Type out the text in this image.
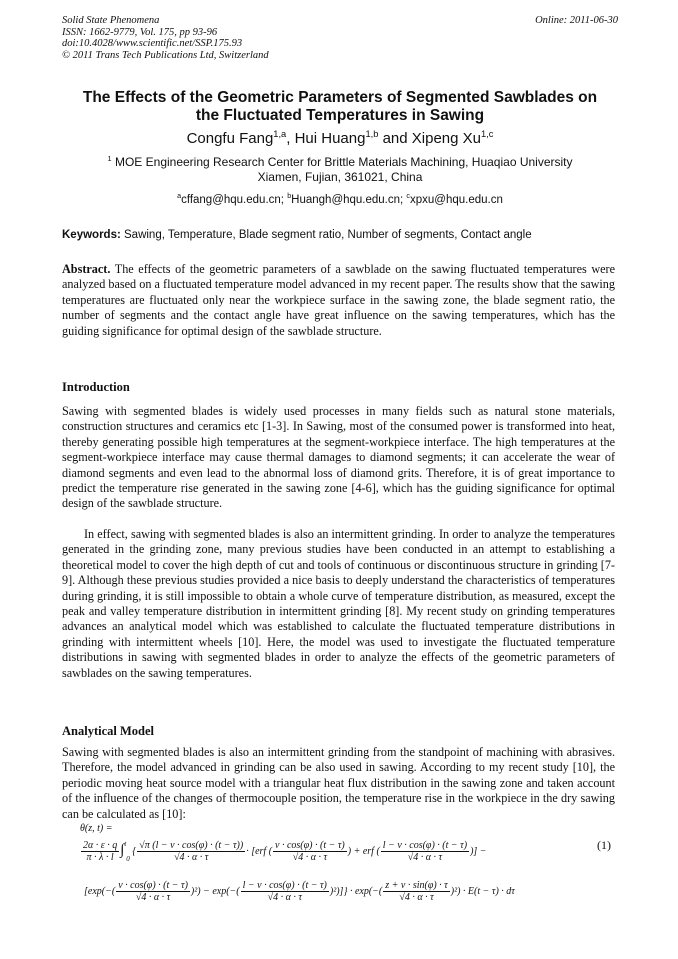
Solid State Phenomena
ISSN: 1662-9779, Vol. 175, pp 93-96
doi:10.4028/www.scientific.net/SSP.175.93
© 2011 Trans Tech Publications Ltd, Switzerland
Online: 2011-06-30
The Effects of the Geometric Parameters of Segmented Sawblades on
the Fluctuated Temperatures in Sawing
Congfu Fang$^{1,a}$, Hui Huang$^{1,b}$ and Xipeng Xu$^{1,c}$
$^1$ MOE Engineering Research Center for Brittle Materials Machining, Huaqiao University
Xiamen, Fujian, 361021, China
$^a$cffang@hqu.edu.cn; $^b$Huangh@hqu.edu.cn; $^c$xpxu@hqu.edu.cn
Keywords: Sawing, Temperature, Blade segment ratio, Number of segments, Contact angle
Abstract. The effects of the geometric parameters of a sawblade on the sawing fluctuated temperatures were analyzed based on a fluctuated temperature model advanced in my recent paper. The results show that the sawing temperatures are fluctuated only near the workpiece surface in the sawing zone, the blade segment ratio, the number of segments and the contact angle have great influence on the sawing temperatures, which has the guiding significance for optimal design of the sawblade structure.
Introduction
Sawing with segmented blades is widely used processes in many fields such as natural stone materials, construction structures and ceramics etc [1-3]. In Sawing, most of the consumed power is transformed into heat, thereby generating possible high temperatures at the segment-workpiece interface. The high temperatures at the segment-workpiece interface may cause thermal damages to diamond segments; it can accelerate the wear of diamond segments and even lead to the abnormal loss of diamond grits. Therefore, it is of great importance to predict the temperature rise generated in the sawing zone [4-6], which has the guiding significance for optimal design of the sawblade structure.
In effect, sawing with segmented blades is also an intermittent grinding. In order to analyze the temperatures generated in the grinding zone, many previous studies have been conducted in an attempt to establishing a theoretical model to cover the high depth of cut and tools of continuous or discontinuous structure in grinding [7-9]. Although these previous studies provided a nice basis to deeply understand the characteristics of temperatures during grinding, it is still impossible to obtain a whole curve of temperature distribution, as measured, except the peak and valley temperature distribution in intermittent grinding [8]. My recent study on grinding temperatures advances an analytical model which was established to calculate the fluctuated temperature distributions in grinding with intermittent wheels [10]. Here, the model was used to investigate the fluctuated temperature distributions in sawing with segmented blades in order to analyze the effects of the geometric parameters of sawblades on the sawing temperatures.
Analytical Model
Sawing with segmented blades is also an intermittent grinding from the standpoint of machining with abrasives. Therefore, the model advanced in grinding can be also used in sawing. According to my recent study [10], the periodic moving heat source model with a triangular heat flux distribution in the sawing zone and taken account of the influence of the changes of thermocouple position, the temperature rise in the workpiece in the dry sawing can be calculated as [10]:
θ(z, t) =
(1)
$\frac{2\alpha \cdot \varepsilon \cdot q}{\pi \cdot \lambda \cdot l} \int^t0$ { $\frac{√\pi (l - v \cdot \cos(\varphi) \cdot (t - \tau))}{√4 \cdot \alpha \cdot \tau} \cdot [erf$ ( $\frac{v \cdot \cos(\varphi) \cdot (t - \tau)}{√4 \cdot \alpha \cdot \tau}$ ) + erf ( $\frac{l - v \cdot \cos(\varphi) \cdot (t - \tau)}{√4 \cdot \alpha \cdot \tau}$ )] −
$[\exp(-( \frac{v \cdot \cos(\varphi) \cdot (t - \tau)}{√4 \cdot \alpha \cdot \tau} )^2) - \exp(-( \frac{l - v \cdot \cos(\varphi) \cdot (t - \tau)}{√4 \cdot \alpha \cdot \tau} )^2)]\} \cdot \exp(-( \frac{z + v \cdot \sin(\varphi) \cdot \tau}{√4 \cdot \alpha \cdot \tau} )^2) \cdot E(t - \tau) \cdot d\tau$
